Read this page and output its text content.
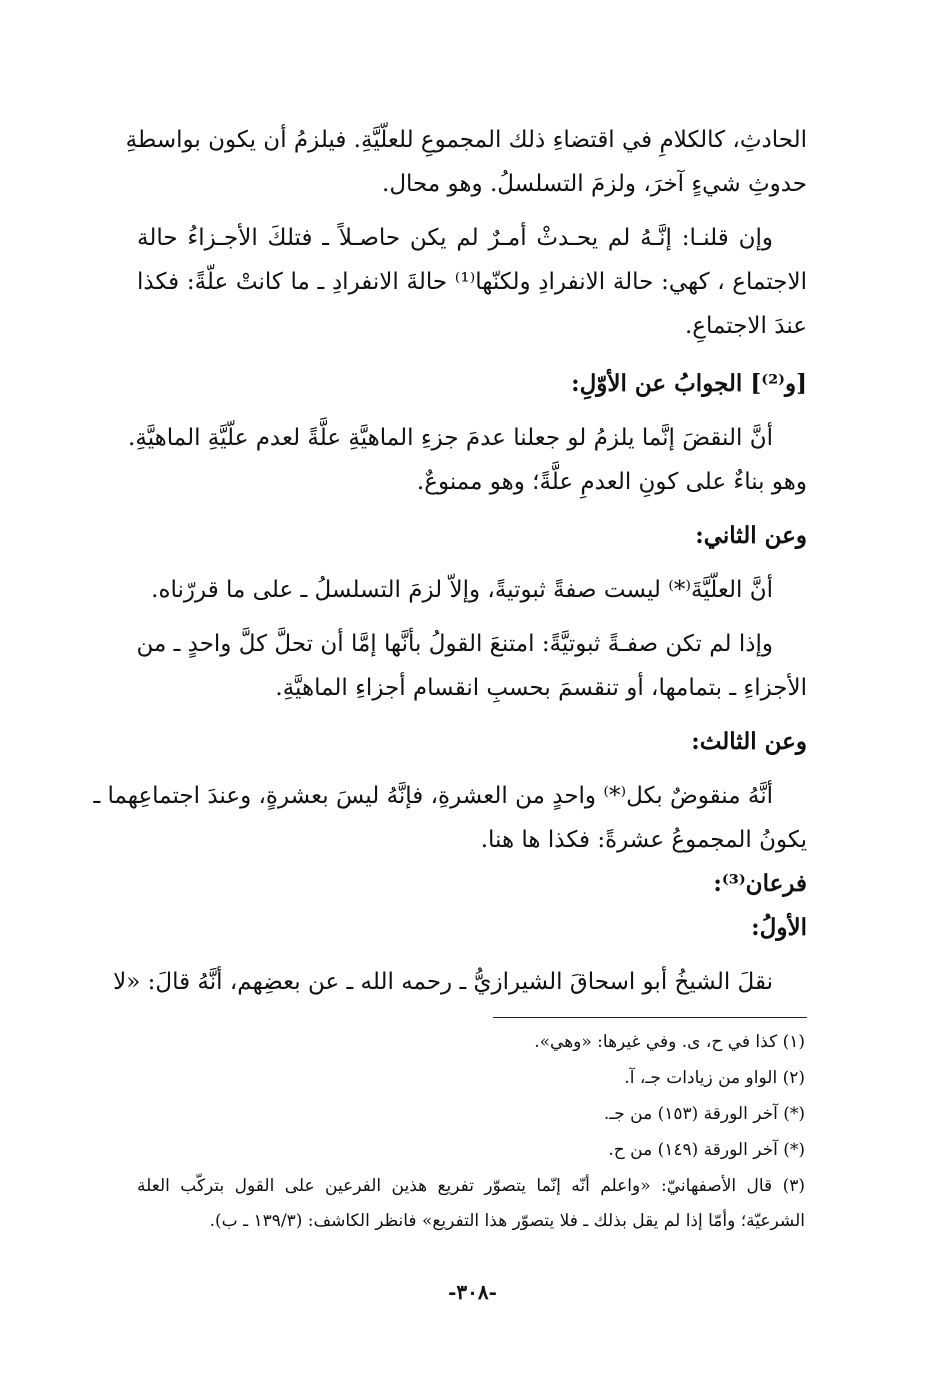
الحادثِ، كالكلامِ في اقتضاءِ ذلك المجموعِ للعلّيَّةِ. فيلزمُ أن يكون بواسطةِ
حدوثِ شيءٍ آخرَ، ولزمَ التسلسلُ. وهو محال.
وإن قلنـا: إنَّـهُ لم يحـدثْ أمـرٌ لم يكن حاصـلاً ـ فتلكَ الأجـزاءُ حالة
الاجتماع ، كهي: حالة الانفرادِ ولكنّها⁽¹⁾ حالةَ الانفرادِ ـ ما كانتْ علّةً: فكذا
عندَ الاجتماعِ.
[و⁽²⁾] الجوابُ عن الأوّلِ:
أنَّ النقضَ إنَّما يلزمُ لو جعلنا عدمَ جزءِ الماهيَّةِ علَّةً لعدم علّيَّةِ الماهيَّةِ.
وهو بناءٌ على كونِ العدمِ علَّةً؛ وهو ممنوعٌ.
وعن الثاني:
أنَّ العلّيَّةَ⁽*⁾ ليست صفةً ثبوتيةً، وإلاّ لزمَ التسلسلُ ـ على ما قررّناه.
وإذا لم تكن صفـةً ثبوتيَّةً: امتنعَ القولُ بأنَّها إمَّا أن تحلَّ كلَّ واحدٍ ـ من
الأجزاءِ ـ بتمامها، أو تنقسمَ بحسبِ انقسام أجزاءِ الماهيَّةِ.
وعن الثالث:
أنَّهُ منقوضٌ بكل⁽*⁾ واحدٍ من العشرةِ، فإنَّهُ ليسَ بعشرةٍ، وعندَ اجتماعِهما ـ
يكونُ المجموعُ عشرةً: فكذا ها هنا.
فرعان⁽³⁾:
الأولُ:
نقلَ الشيخُ أبو اسحاقَ الشيرازيُّ ـ رحمه الله ـ عن بعضِهم، أنَّهُ قالَ: «لا
(١) كذا في ح، ى. وفي غيرها: «وهي».
(٢) الواو من زيادات جـ، آ.
(*) آخر الورقة (١٥٣) من جـ.
(*) آخر الورقة (١٤٩) من ح.
(٣) قال الأصفهانيّ: «واعلم أنّه إنّما يتصوّر تفريع هذين الفرعين على القول بتركّب العلة
الشرعيّة؛ وأمّا إذا لم يقل بذلك ـ فلا يتصوّر هذا التفريع» فانظر الكاشف: (١٣٩/٣ ـ ب).
-٣٠٨-
